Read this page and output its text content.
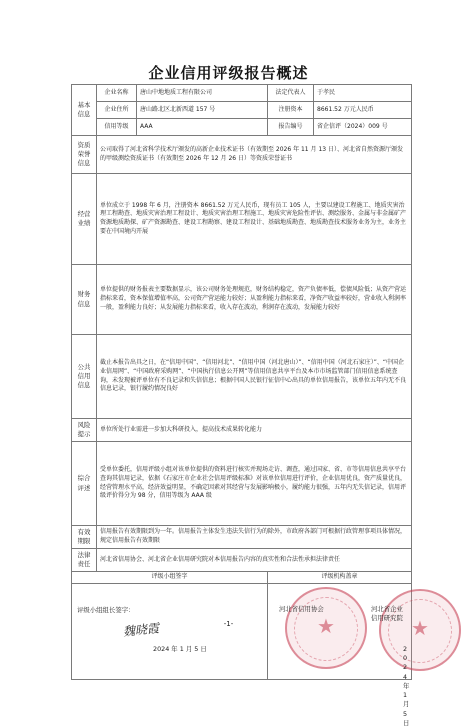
企业信用评级报告概述
基本信息	企业名称	唐山中地地质工程有限公司	法定代表人	于孝民
	企业住所	唐山路北区北新西道 157 号	注册资本	8661.52 万元人民币
	信用等级	AAA	报告编号	省企信评（2024）009 号
资质荣誉信息	公司取得了河北省科学技术厅颁发的高新企业技术证书（有效期至 2026 年 11 月 13 日）、河北省自然资源厅颁发的甲级测绘资质证书（有效期至 2026 年 12 月 26 日）等资质荣誉证书			
经营业绩	单位成立于 1998 年 6 月，注册资本 8661.52 万元人民币，现有员工 105 人，主要以建设工程施工、地质灾害治理工程勘查、地质灾害治理工程设计、地质灾害治理工程施工、地质灾害危险性评估、测绘服务、金属与非金属矿产资源地质勘探、矿产资源勘查、建设工程勘察、建设工程设计、基础地质勘查、地质勘查技术服务业务为主，业务主要在中国境内开展			
财务信息	单位提供的财务报表主要数据显示，该公司财务处理规范，财务结构稳定，资产负债率低，偿债风险低；从资产营运指标来看，资本保值增值率高，公司资产营运能力较好；从盈利能力指标来看，净资产收益率较好，营业收入利润率一般，盈利能力良好；从发展能力指标来看，收入存在波动，利润存在波动，发展能力较好			
公共信用信息	截止本报告出具之日，在“信用中国”、“信用河北”、“信用中国（河北唐山）”、“信用中国（河北石家庄）”、“中国企业信用网”、“中国政府采购网”、“中国执行信息公开网”等信用信息共享平台及本市市场监管部门信用信息系统查询，未发现被评单位有不良记录和失信信息；根据中国人民银行征信中心出具的单位信用报告，该单位五年内无不良信息记录，银行履约情况良好			
风险提示	单位所处行业需进一步加大科研投入，提高技术成果转化能力			
综合评述	受单位委托，信用评级小组对该单位提供的资料进行核实并现场走访、调查，通过国家、省、市等信用信息共享平台查询其信用记录，依据《石家庄市企业社会信用评级标准》对该单位信用进行评价，企业信用优良，资产质量优良，经营管理水平高，经济效益明显，不确定因素对其经营与发展影响极小，履约能力很强，五年内无失信记录，信用评级评价得分为 98 分，信用等级为 AAA 级			
有效期限	信用报告有效期限到为一年。信用报告主体发生违法失信行为的除外，市政府各部门可根据行政管理事项具体情况，规定信用报告有效期限			
法律责任	河北省信用协会、河北省企业信用研究院对本信用报告内容的真实性和合法性承担法律责任			
评级小组签字			评级机构盖章	

评级小组组长签字：
魏晓霞
2024 年 1 月 5 日			★ ★
河北省信用协会 河北省企业信用研究院
2024 年 1 月 5 日	
-1-
